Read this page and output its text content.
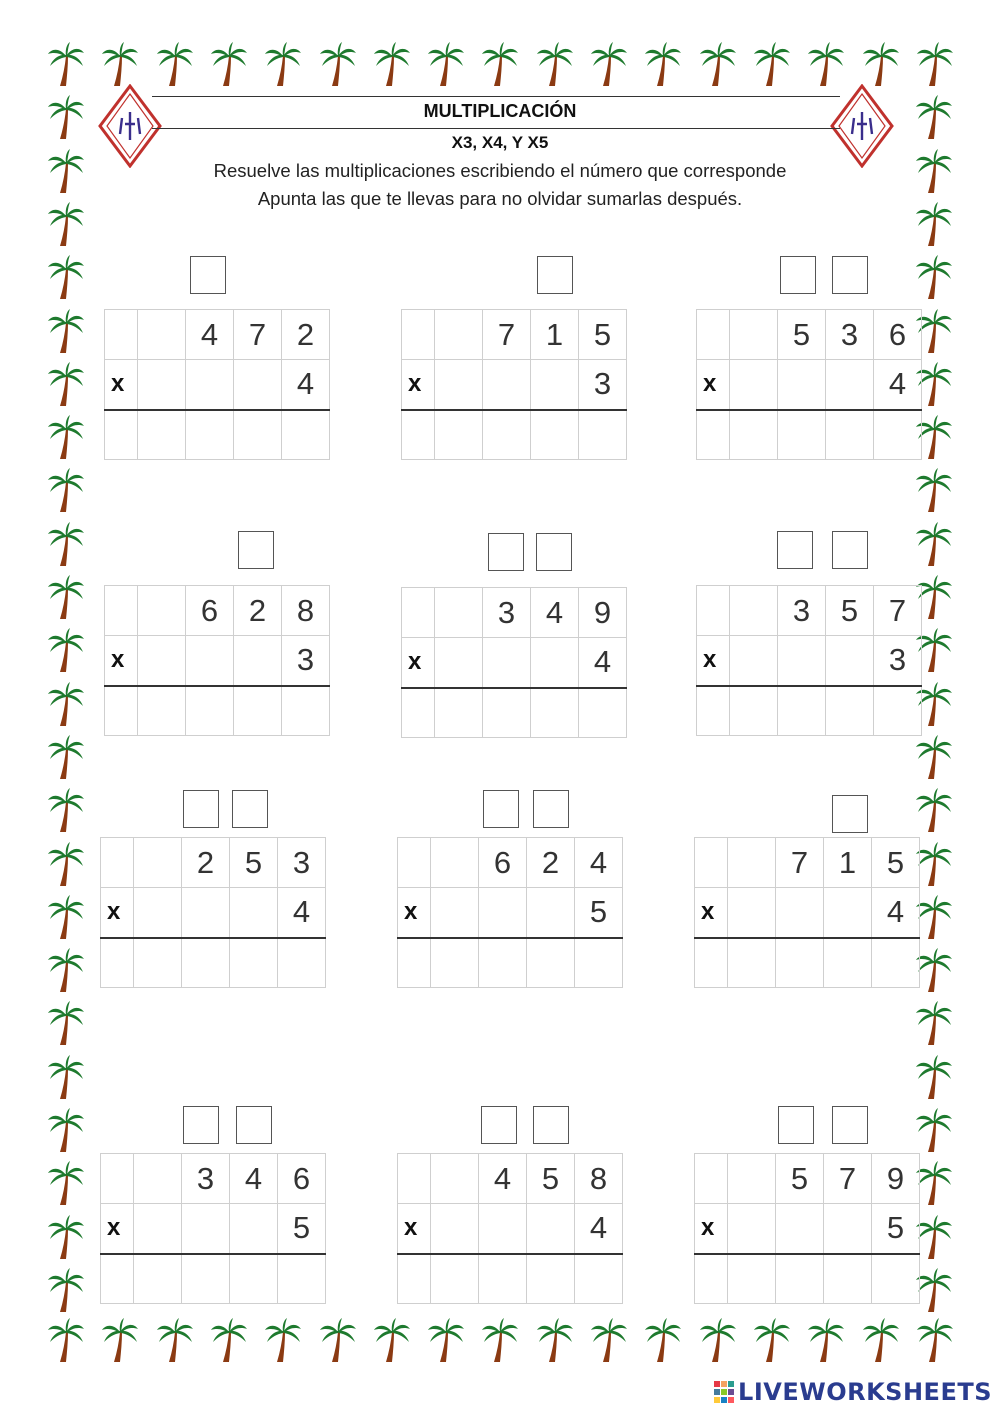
MULTIPLICACIÓN
X3, X4, Y X5
Resuelve las multiplicaciones escribiendo el número que corresponde
Apunta las que te llevas para no olvidar sumarlas después.
		4	7	2
x				4

		7	1	5
x				3

		5	3	6
x				4

		6	2	8
x				3

		3	4	9
x				4

		3	5	7
x				3

		2	5	3
x				4

		6	2	4
x				5

		7	1	5
x				4

		3	4	6
x				5

		4	5	8
x				4

		5	7	9
x				5

LIVEWORKSHEETS
